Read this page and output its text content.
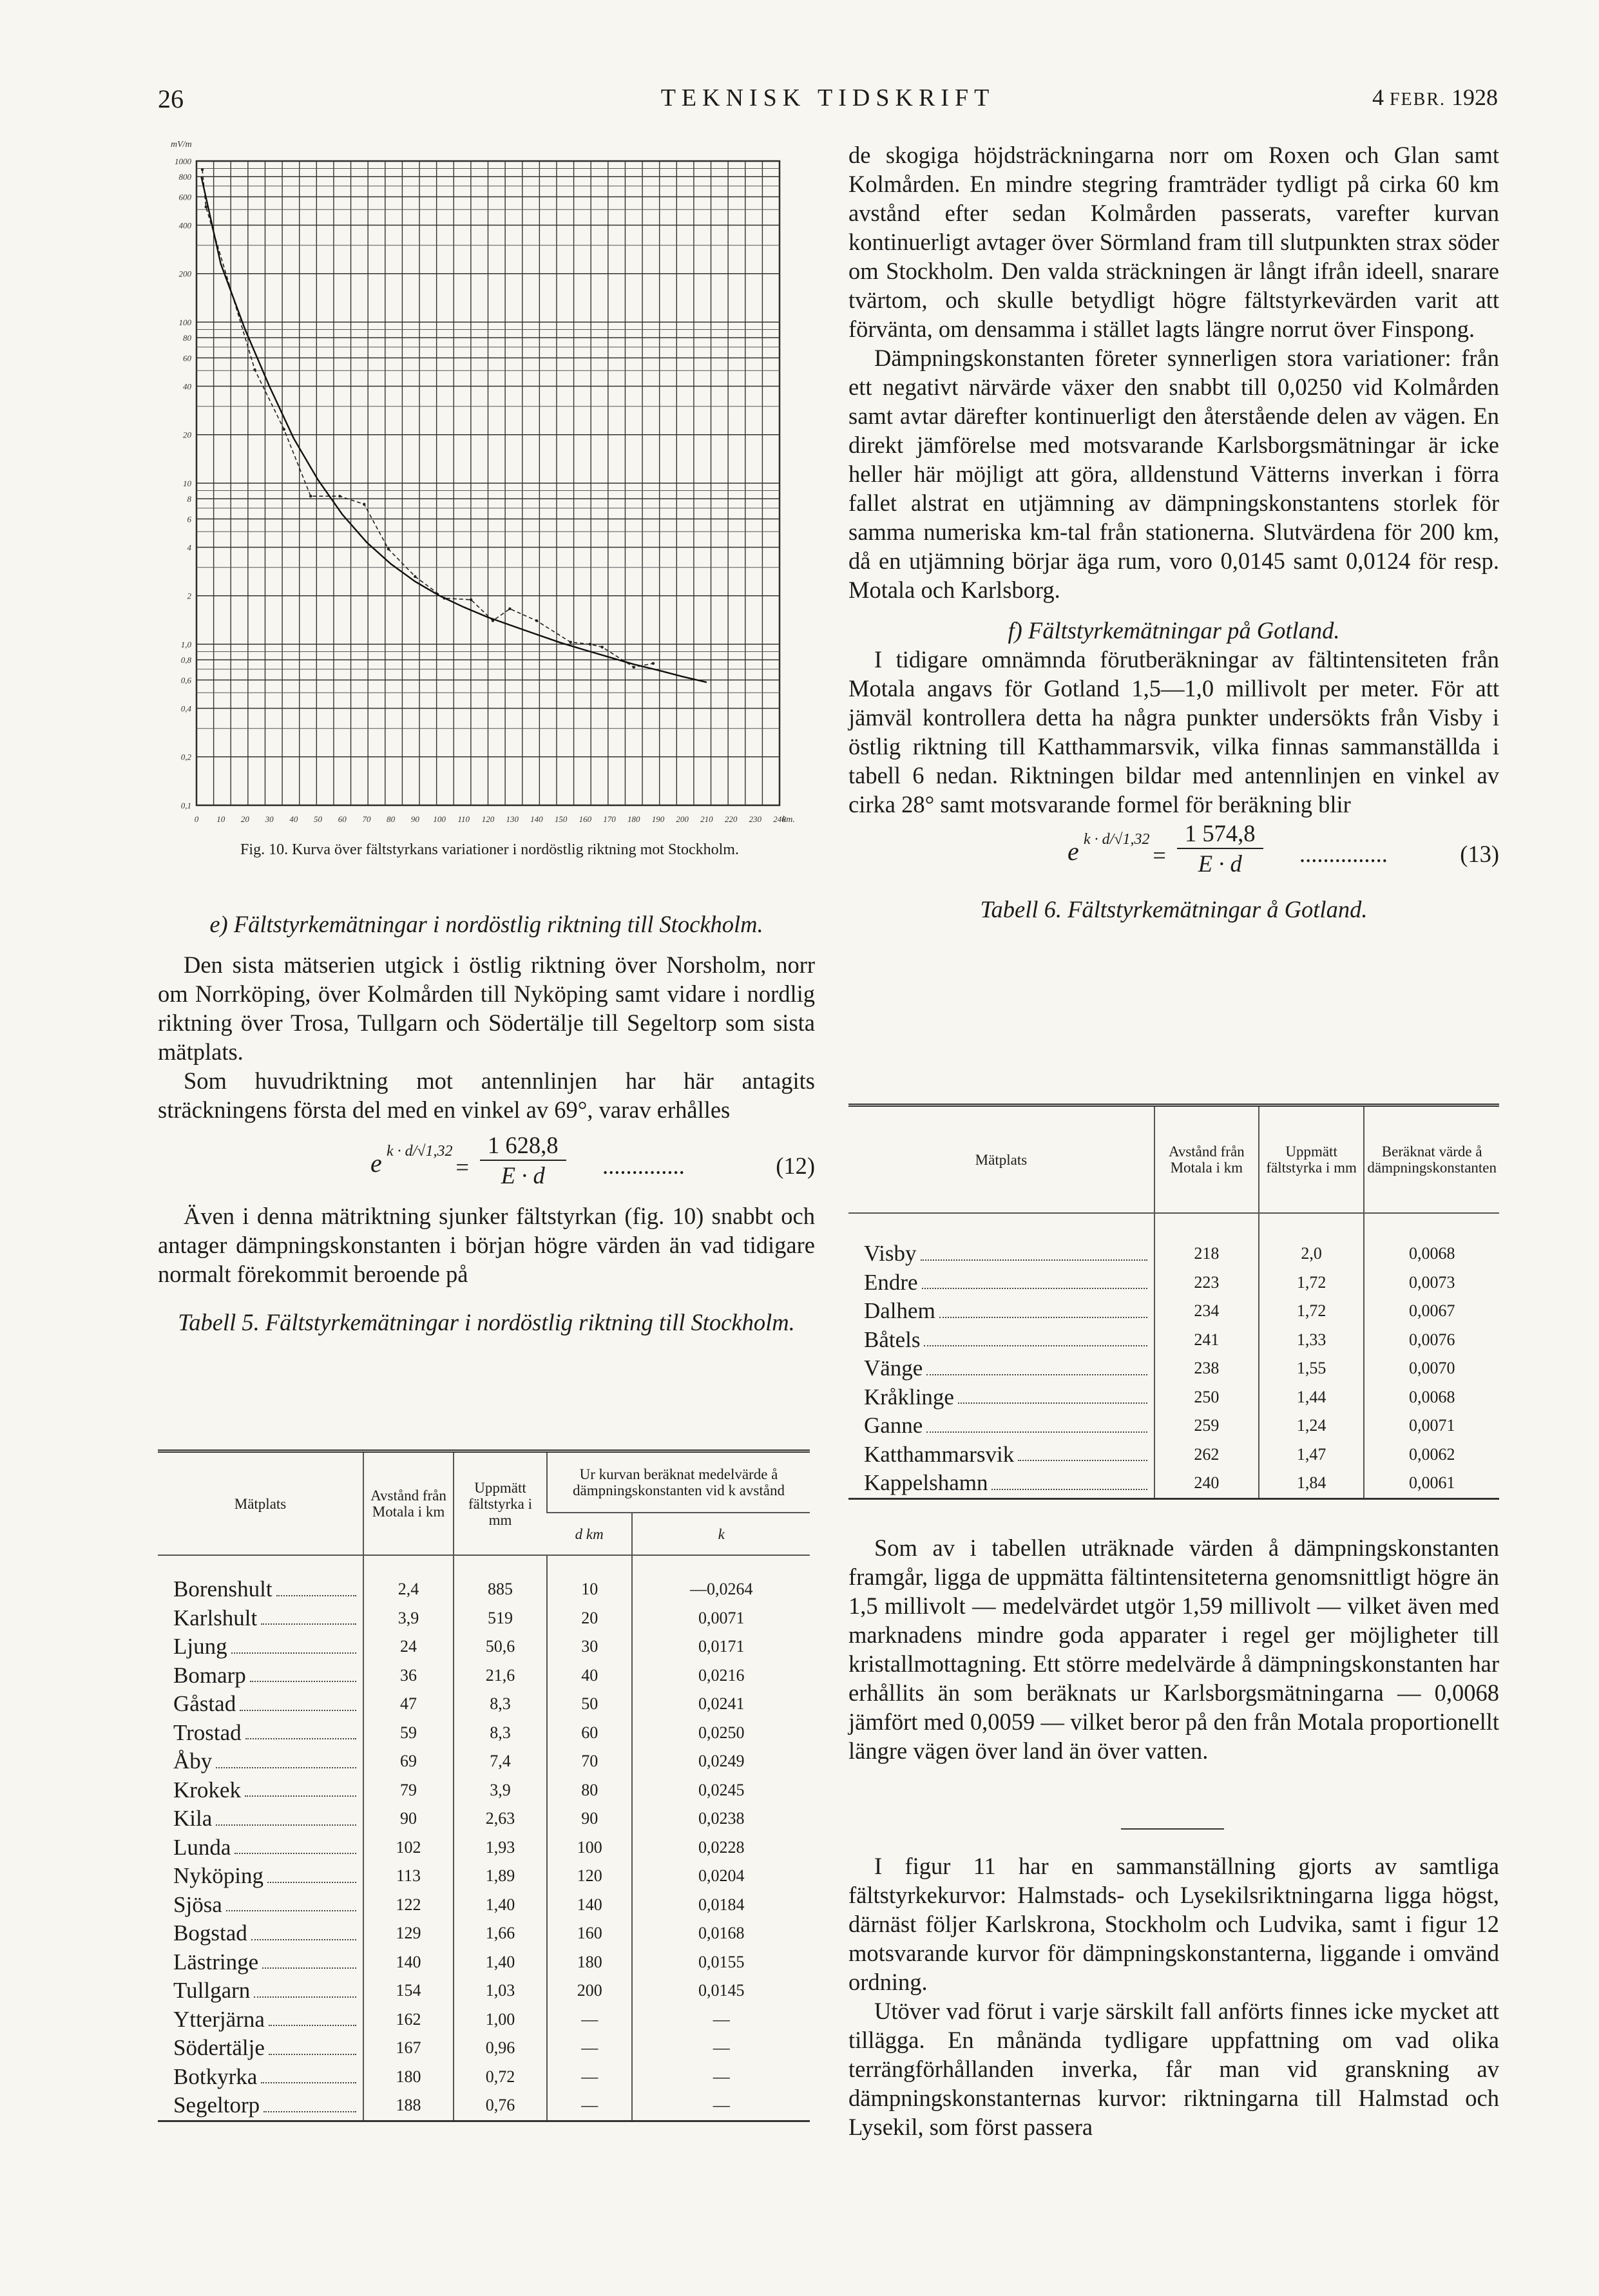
26	TEKNISK TIDSKRIFT	4 FEBR. 1928
1000
800
600
400
200
100
80
60
40
20
10
8
6
4
2
1,0
0,8
0,6
0,4
0,2
0,1
0 10 20 30 40 50 60 70 80 90 100 110 120 130 140 150 160 170 180 190 200 210 220 230 240
km.
mV/m
Fig. 10. Kurva över fältstyrkans variationer i nordöstlig riktning mot Stockholm.

e) Fältstyrkemätningar i nordöstlig riktning till Stockholm.

Den sista mätserien utgick i östlig riktning över Norsholm, norr om Norrköping, över Kolmården till Nyköping samt vidare i nordlig riktning över Trosa, Tullgarn och Södertälje till Segeltorp som sista mätplats.

Som huvudriktning mot antennlinjen har här antagits sträckningens första del med en vinkel av 69°, varav erhålles

e k · d/√1,32
= $\frac{1 628,8}{E \cdot d}$ ..............	(12)

Även i denna mätriktning sjunker fältstyrkan (fig. 10) snabbt och antager dämpningskonstanten i början högre värden än vad tidigare normalt förekommit beroende på

Tabell 5. Fältstyrkemätningar i nordöstlig riktning till Stockholm.

Mätplats	Avstånd från Motala i km	Uppmätt fältstyrka i mm	Ur kurvan beräknat medelvärde å dämpningskonstanten vid k avstånd	
			d km	k

Borenshult	2,4	885	10	—0,0264

Karlshult	3,9	519	20	0,0071

Ljung	24	50,6	30	0,0171

Bomarp	36	21,6	40	0,0216

Gåstad	47	8,3	50	0,0241

Trostad	59	8,3	60	0,0250

Åby	69	7,4	70	0,0249

Krokek	79	3,9	80	0,0245

Kila	90	2,63	90	0,0238

Lunda	102	1,93	100	0,0228

Nyköping	113	1,89	120	0,0204

Sjösa	122	1,40	140	0,0184

Bogstad	129	1,66	160	0,0168

Lästringe	140	1,40	180	0,0155

Tullgarn	154	1,03	200	0,0145

Ytterjärna	162	1,00	—	—

Södertälje	167	0,96	—	—

Botkyrka	180	0,72	—	—

Segeltorp	188	0,76	—	—

de skogiga höjdsträckningarna norr om Roxen och Glan samt Kolmården. En mindre stegring framträder tydligt på cirka 60 km avstånd efter sedan Kolmården passerats, varefter kurvan kontinuerligt avtager över Sörmland fram till slutpunkten strax söder om Stockholm. Den valda sträckningen är långt ifrån ideell, snarare tvärtom, och skulle betydligt högre fältstyrkevärden varit att förvänta, om densamma i stället lagts längre norrut över Finspong.

Dämpningskonstanten företer synnerligen stora variationer: från ett negativt närvärde växer den snabbt till 0,0250 vid Kolmården samt avtar därefter kontinuerligt den återstående delen av vägen. En direkt jämförelse med motsvarande Karlsborgsmätningar är icke heller här möjligt att göra, alldenstund Vätterns inverkan i förra fallet alstrat en utjämning av dämpningskonstantens storlek för samma numeriska km-tal från stationerna. Slutvärdena för 200 km, då en utjämning börjar äga rum, voro 0,0145 samt 0,0124 för resp. Motala och Karlsborg.

f) Fältstyrkemätningar på Gotland.

I tidigare omnämnda förutberäkningar av fältintensiteten från Motala angavs för Gotland 1,5—1,0 millivolt per meter. För att jämväl kontrollera detta ha några punkter undersökts från Visby i östlig riktning till Katthammarsvik, vilka finnas sammanställda i tabell 6 nedan. Riktningen bildar med antennlinjen en vinkel av cirka 28° samt motsvarande formel för beräkning blir

e k · d/√1,32
= $\frac{1 574,8}{E \cdot d}$ ...............	(13)

Tabell 6. Fältstyrkemätningar å Gotland.

Mätplats	Avstånd från Motala i km	Uppmätt fältstyrka i mm	Beräknat värde å dämpningskonstanten

Visby	218	2,0	0,0068

Endre	223	1,72	0,0073

Dalhem	234	1,72	0,0067

Båtels	241	1,33	0,0076

Vänge	238	1,55	0,0070

Kråklinge	250	1,44	0,0068

Ganne	259	1,24	0,0071

Katthammarsvik	262	1,47	0,0062

Kappelshamn	240	1,84	0,0061

Som av i tabellen uträknade värden å dämpningskonstanten framgår, ligga de uppmätta fältintensiteterna genomsnittligt högre än 1,5 millivolt — medelvärdet utgör 1,59 millivolt — vilket även med marknadens mindre goda apparater i regel ger möjligheter till kristallmottagning. Ett större medelvärde å dämpningskonstanten har erhållits än som beräknats ur Karlsborgsmätningarna — 0,0068 jämfört med 0,0059 — vilket beror på den från Motala proportionellt längre vägen över land än över vatten.

I figur 11 har en sammanställning gjorts av samtliga fältstyrkekurvor: Halmstads- och Lysekilsriktningarna ligga högst, därnäst följer Karlskrona, Stockholm och Ludvika, samt i figur 12 motsvarande kurvor för dämpningskonstanterna, liggande i omvänd ordning.

Utöver vad förut i varje särskilt fall anförts finnes icke mycket att tillägga. En månända tydligare uppfattning om vad olika terrängförhållanden inverka, får man vid granskning av dämpningskonstanternas kurvor: riktningarna till Halmstad och Lysekil, som först passera
